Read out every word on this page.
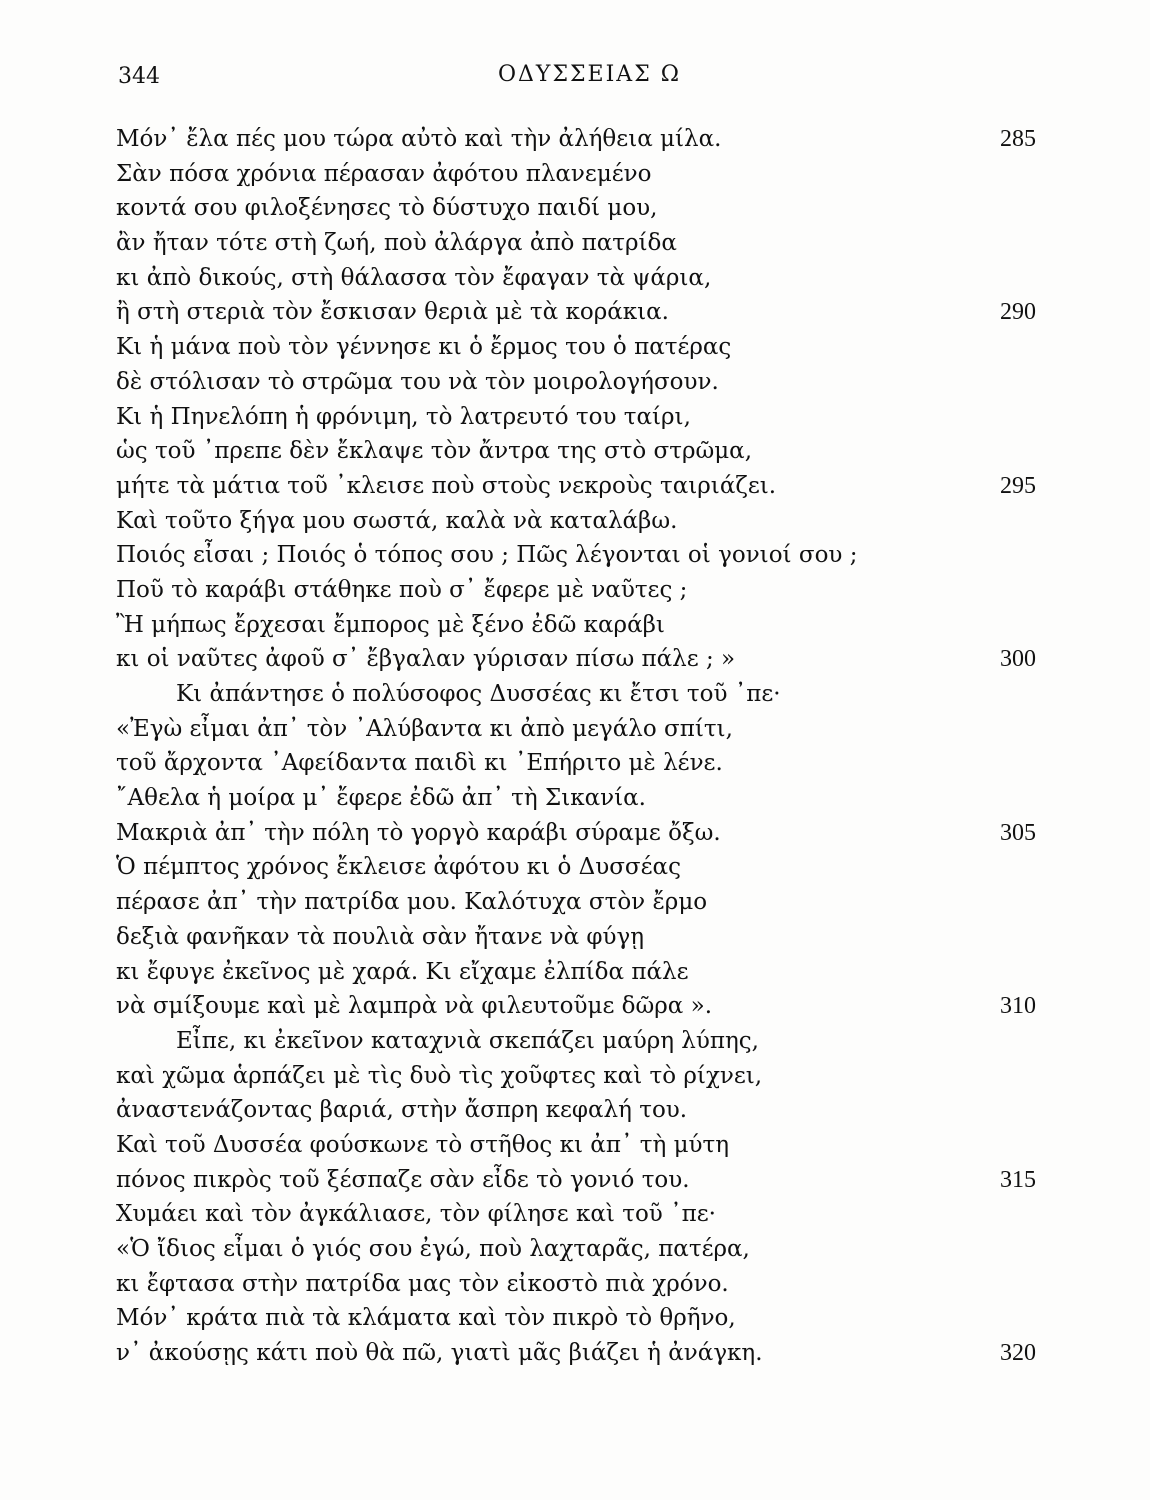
344	ΟΔΥΣΣΕΙΑΣ Ω
Μόν᾽ ἔλα πές μου τώρα αὐτὸ καὶ τὴν ἀλήθεια μίλα.	285
Σὰν πόσα χρόνια πέρασαν ἀφότου πλανεμένο
κοντά σου φιλοξένησες τὸ δύστυχο παιδί μου,
ἂν ἤταν τότε στὴ ζωή, ποὺ ἀλάργα ἀπὸ πατρίδα
κι ἀπὸ δικούς, στὴ θάλασσα τὸν ἔφαγαν τὰ ψάρια,
ἢ στὴ στεριὰ τὸν ἔσκισαν θεριὰ μὲ τὰ κοράκια.	290
Κι ἡ μάνα ποὺ τὸν γέννησε κι ὁ ἔρμος του ὁ πατέρας
δὲ στόλισαν τὸ στρῶμα του νὰ τὸν μοιρολογήσουν.
Κι ἡ Πηνελόπη ἡ φρόνιμη, τὸ λατρευτό του ταίρι,
ὡς τοῦ ᾽πρεπε δὲν ἔκλαψε τὸν ἄντρα της στὸ στρῶμα,
μήτε τὰ μάτια τοῦ ᾽κλεισε ποὺ στοὺς νεκροὺς ταιριάζει.	295
Καὶ τοῦτο ξήγα μου σωστά, καλὰ νὰ καταλάβω.
Ποιός εἶσαι ; Ποιός ὁ τόπος σου ; Πῶς λέγονται οἱ γονιοί σου ;
Ποῦ τὸ καράβι στάθηκε ποὺ σ᾽ ἔφερε μὲ ναῦτες ;
Ἢ μήπως ἔρχεσαι ἔμπορος μὲ ξένο ἐδῶ καράβι
κι οἱ ναῦτες ἀφοῦ σ᾽ ἔβγαλαν γύρισαν πίσω πάλε ; »	300
Κι ἀπάντησε ὁ πολύσοφος Δυσσέας κι ἔτσι τοῦ ᾽πε·
«Ἐγὼ εἶμαι ἀπ᾽ τὸν ᾽Αλύβαντα κι ἀπὸ μεγάλο σπίτι,
τοῦ ἄρχοντα ᾽Αφείδαντα παιδὶ κι ᾽Επήριτο μὲ λένε.
῎Αθελα ἡ μοίρα μ᾽ ἔφερε ἐδῶ ἀπ᾽ τὴ Σικανία.
Μακριὰ ἀπ᾽ τὴν πόλη τὸ γοργὸ καράβι σύραμε ὄξω.	305
Ὁ πέμπτος χρόνος ἔκλεισε ἀφότου κι ὁ Δυσσέας
πέρασε ἀπ᾽ τὴν πατρίδα μου. Καλότυχα στὸν ἔρμο
δεξιὰ φανῆκαν τὰ πουλιὰ σὰν ἤτανε νὰ φύγῃ
κι ἔφυγε ἐκεῖνος μὲ χαρά. Κι εἴχαμε ἐλπίδα πάλε
νὰ σμίξουμε καὶ μὲ λαμπρὰ νὰ φιλευτοῦμε δῶρα ».	310
Εἶπε, κι ἐκεῖνον καταχνιὰ σκεπάζει μαύρη λύπης,
καὶ χῶμα ἁρπάζει μὲ τὶς δυὸ τὶς χοῦφτες καὶ τὸ ρίχνει,
ἀναστενάζοντας βαριά, στὴν ἄσπρη κεφαλή του.
Καὶ τοῦ Δυσσέα φούσκωνε τὸ στῆθος κι ἀπ᾽ τὴ μύτη
πόνος πικρὸς τοῦ ξέσπαζε σὰν εἶδε τὸ γονιό του.	315
Χυμάει καὶ τὸν ἀγκάλιασε, τὸν φίλησε καὶ τοῦ ᾽πε·
«Ὁ ἴδιος εἶμαι ὁ γιός σου ἐγώ, ποὺ λαχταρᾶς, πατέρα,
κι ἔφτασα στὴν πατρίδα μας τὸν εἰκοστὸ πιὰ χρόνο.
Μόν᾽ κράτα πιὰ τὰ κλάματα καὶ τὸν πικρὸ τὸ θρῆνο,
ν᾽ ἀκούσῃς κάτι ποὺ θὰ πῶ, γιατὶ μᾶς βιάζει ἡ ἀνάγκη.	320
